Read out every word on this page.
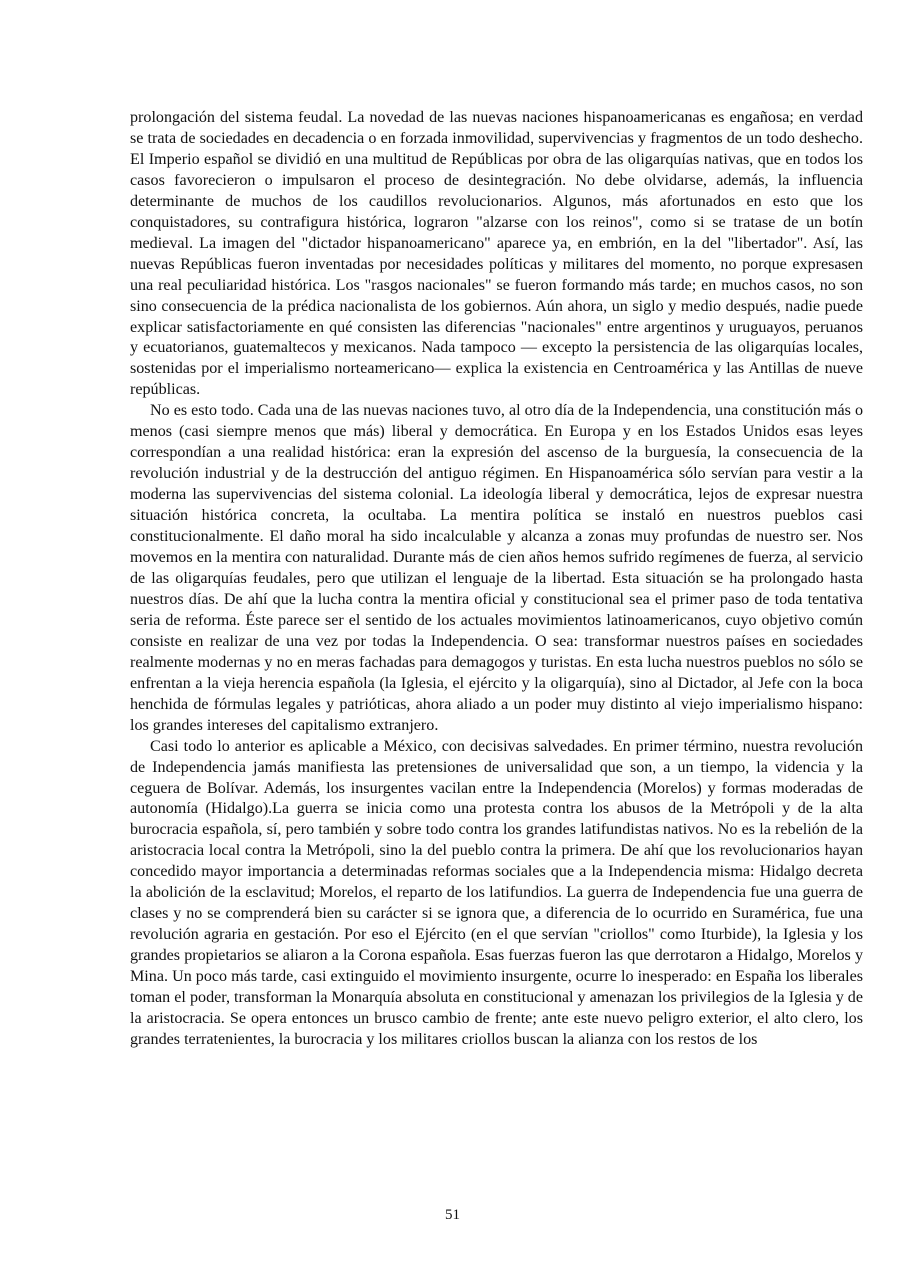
prolongación del sistema feudal. La novedad de las nuevas naciones hispanoamericanas es engañosa; en verdad se trata de sociedades en decadencia o en forzada inmovilidad, supervivencias y fragmentos de un todo deshecho. El Imperio español se dividió en una multitud de Repúblicas por obra de las oligarquías nativas, que en todos los casos favorecieron o impulsaron el proceso de desintegración. No debe olvidarse, además, la influencia determinante de muchos de los caudillos revolucionarios. Algunos, más afortunados en esto que los conquistadores, su contrafigura histórica, lograron "alzarse con los reinos", como si se tratase de un botín medieval. La imagen del "dictador hispanoamericano" aparece ya, en embrión, en la del "libertador". Así, las nuevas Repúblicas fueron inventadas por necesidades políticas y militares del momento, no porque expresasen una real peculiaridad histórica. Los "rasgos nacionales" se fueron formando más tarde; en muchos casos, no son sino consecuencia de la prédica nacionalista de los gobiernos. Aún ahora, un siglo y medio después, nadie puede explicar satisfactoriamente en qué consisten las diferencias "nacionales" entre argentinos y uruguayos, peruanos y ecuatorianos, guatemaltecos y mexicanos. Nada tampoco — excepto la persistencia de las oligarquías locales, sostenidas por el imperialismo norteamericano— explica la existencia en Centroamérica y las Antillas de nueve repúblicas.

No es esto todo. Cada una de las nuevas naciones tuvo, al otro día de la Independencia, una constitución más o menos (casi siempre menos que más) liberal y democrática. En Europa y en los Estados Unidos esas leyes correspondían a una realidad histórica: eran la expresión del ascenso de la burguesía, la consecuencia de la revolución industrial y de la destrucción del antiguo régimen. En Hispanoamérica sólo servían para vestir a la moderna las supervivencias del sistema colonial. La ideología liberal y democrática, lejos de expresar nuestra situación histórica concreta, la ocultaba. La mentira política se instaló en nuestros pueblos casi constitucionalmente. El daño moral ha sido incalculable y alcanza a zonas muy profundas de nuestro ser. Nos movemos en la mentira con naturalidad. Durante más de cien años hemos sufrido regímenes de fuerza, al servicio de las oligarquías feudales, pero que utilizan el lenguaje de la libertad. Esta situación se ha prolongado hasta nuestros días. De ahí que la lucha contra la mentira oficial y constitucional sea el primer paso de toda tentativa seria de reforma. Éste parece ser el sentido de los actuales movimientos latinoamericanos, cuyo objetivo común consiste en realizar de una vez por todas la Independencia. O sea: transformar nuestros países en sociedades realmente modernas y no en meras fachadas para demagogos y turistas. En esta lucha nuestros pueblos no sólo se enfrentan a la vieja herencia española (la Iglesia, el ejército y la oligarquía), sino al Dictador, al Jefe con la boca henchida de fórmulas legales y patrióticas, ahora aliado a un poder muy distinto al viejo imperialismo hispano: los grandes intereses del capitalismo extranjero.

Casi todo lo anterior es aplicable a México, con decisivas salvedades. En primer término, nuestra revolución de Independencia jamás manifiesta las pretensiones de universalidad que son, a un tiempo, la videncia y la ceguera de Bolívar. Además, los insurgentes vacilan entre la Independencia (Morelos) y formas moderadas de autonomía (Hidalgo).La guerra se inicia como una protesta contra los abusos de la Metrópoli y de la alta burocracia española, sí, pero también y sobre todo contra los grandes latifundistas nativos. No es la rebelión de la aristocracia local contra la Metrópoli, sino la del pueblo contra la primera. De ahí que los revolucionarios hayan concedido mayor importancia a determinadas reformas sociales que a la Independencia misma: Hidalgo decreta la abolición de la esclavitud; Morelos, el reparto de los latifundios. La guerra de Independencia fue una guerra de clases y no se comprenderá bien su carácter si se ignora que, a diferencia de lo ocurrido en Suramérica, fue una revolución agraria en gestación. Por eso el Ejército (en el que servían "criollos" como Iturbide), la Iglesia y los grandes propietarios se aliaron a la Corona española. Esas fuerzas fueron las que derrotaron a Hidalgo, Morelos y Mina. Un poco más tarde, casi extinguido el movimiento insurgente, ocurre lo inesperado: en España los liberales toman el poder, transforman la Monarquía absoluta en constitucional y amenazan los privilegios de la Iglesia y de la aristocracia. Se opera entonces un brusco cambio de frente; ante este nuevo peligro exterior, el alto clero, los grandes terratenientes, la burocracia y los militares criollos buscan la alianza con los restos de los

51
